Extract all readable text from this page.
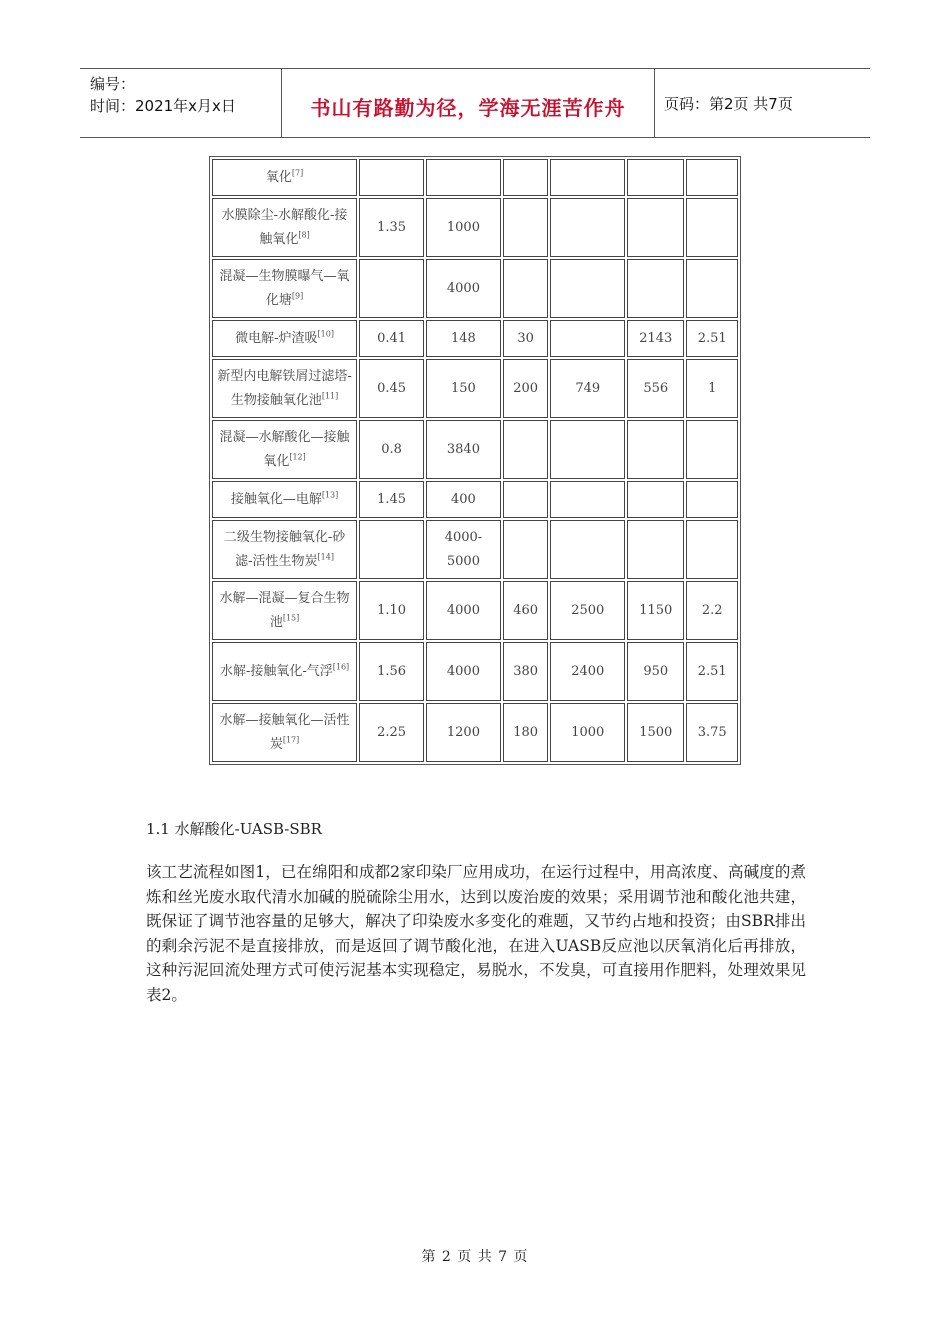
编号：
时间：2021年x月x日	书山有路勤为径，学海无涯苦作舟	页码：第2页 共7页
氧化[7]						
水膜除尘-水解酸化-接触氧化[8]	1.35	1000				
混凝—生物膜曝气—氧化塘[9]		4000				
微电解-炉渣吸[10]	0.41	148	30		2143	2.51
新型内电解铁屑过滤塔-生物接触氧化池[11]	0.45	150	200	749	556	1
混凝—水解酸化—接触氧化[12]	0.8	3840				
接触氧化—电解[13]	1.45	400				
二级生物接触氧化-砂滤-活性生物炭[14]		4000-5000				
水解—混凝—复合生物池[15]	1.10	4000	460	2500	1150	2.2
水解-接触氧化-气浮[16]	1.56	4000	380	2400	950	2.51
水解—接触氧化—活性炭[17]	2.25	1200	180	1000	1500	3.75
1.1 水解酸化-UASB-SBR
该工艺流程如图1，已在绵阳和成都2家印染厂应用成功，在运行过程中，用高浓度、高碱度的煮炼和丝光废水取代清水加碱的脱硫除尘用水，达到以废治废的效果；采用调节池和酸化池共建，既保证了调节池容量的足够大，解决了印染废水多变化的难题，又节约占地和投资；由SBR排出的剩余污泥不是直接排放，而是返回了调节酸化池，在进入UASB反应池以厌氧消化后再排放，这种污泥回流处理方式可使污泥基本实现稳定，易脱水，不发臭，可直接用作肥料，处理效果见表2。
第 2 页 共 7 页
